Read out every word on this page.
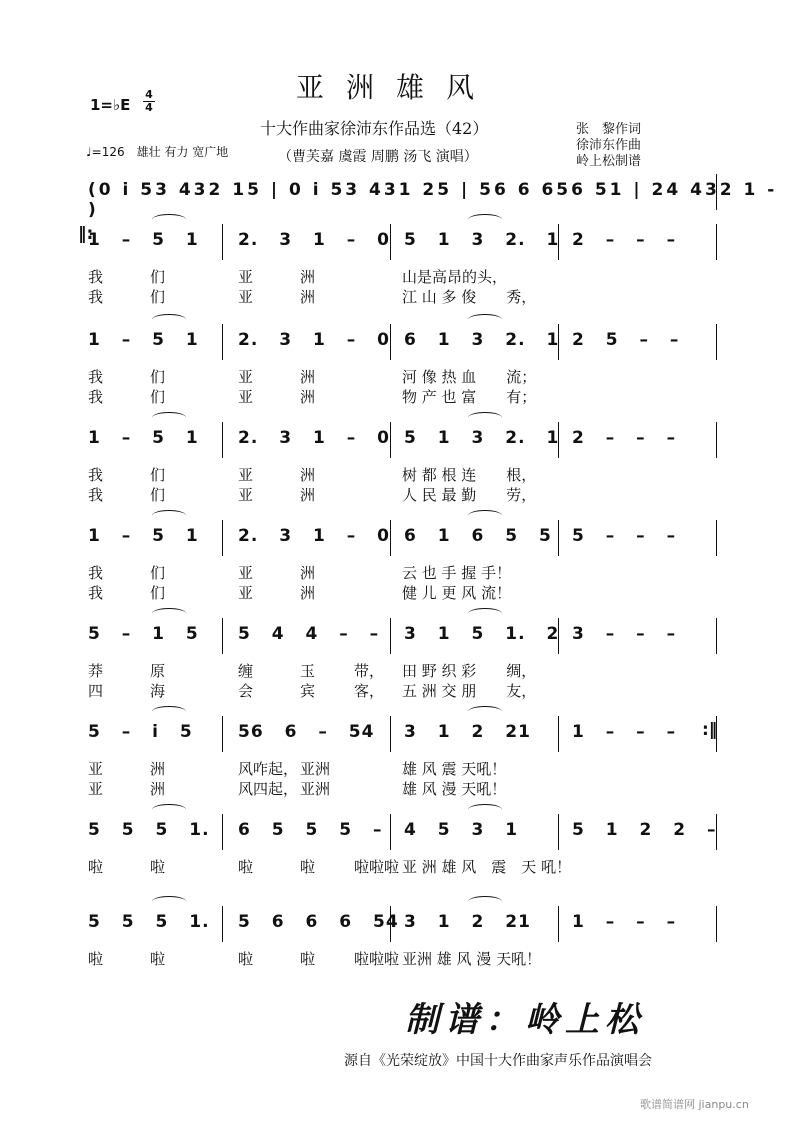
亚洲雄风
1=♭E
4
4
十大作曲家徐沛东作品选（42）	张　黎作词
徐沛东作曲
岭上松制谱
（曹芙嘉 虞霞 周鹏 汤飞 演唱）
♩=126　雄壮 有力 宽广地
(0 i 53 432 15 | 0 i 53 431 25 | 56 6 656 51 | 24 432 1 - )
1 – 5 1 2. 3 1 – 0 5 1 3 2. 1 2 – – –
我	们	亚	洲	山是高昂的头，
我	们	亚	洲	江 山 多 俊　　秀，
1 – 5 1 2. 3 1 – 0 6 1 3 2. 1 2 5 – –
我	们	亚	洲	河 像 热 血　　流；
我	们	亚	洲	物 产 也 富　　有；
1 – 5 1 2. 3 1 – 0 5 1 3 2. 1 2 – – –
我	们	亚	洲	树 都 根 连　　根，
我	们	亚	洲	人 民 最 勤　　劳，
1 – 5 1 2. 3 1 – 0 6 1 6 5 5 5 – – –
我	们	亚	洲	云 也 手 握 手！
我	们	亚	洲	健 儿 更 风 流！
5 – 1 5 5 4 4 – – 3 1 5 1. 2 3 – – –
莽	原	缠	玉	带， 田 野 织 彩　　绸，
四	海	会	宾	客， 五 洲 交 朋　　友，
5 – i 5	56 6 – 54 3 1 2 21 1 – – –
亚	洲	风咋起， 亚洲	雄 风 震 天吼！
亚	洲	风四起， 亚洲	雄 风 漫 天吼！
5 5 5 1. 6 5 5 5 – 4 5 3 1	5 1 2 2 –
啦	啦	啦	啦	啦啦啦 亚 洲 雄 风　震　天 吼！
5 5 5 1. 5 6 6 6 54 3 1 2 21 1 – – –
啦	啦	啦	啦	啦啦啦 亚洲 雄 风 漫 天吼！
‖:
:‖
制谱：岭上松
源自《光荣绽放》中国十大作曲家声乐作品演唱会
歌谱简谱网 jianpu.cn
